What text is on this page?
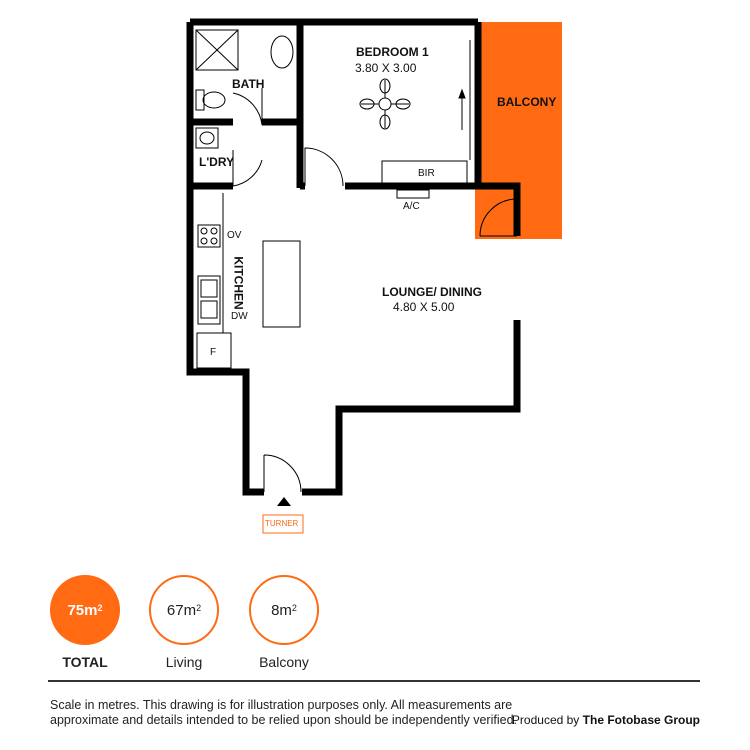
BEDROOM 1
3.80 X 3.00
BALCONY
BATH
L'DRY
KITCHEN	LOUNGE/ DINING
4.80 X 5.00
BIR
A/C
OV
DW
F
TURNER
$75m^2$
TOTAL
$67m^2$
Living
$8m^2$
Balcony
Scale in metres. This drawing is for illustration purposes only. All measurements are approximate and details intended to be relied upon should be independently verified.
Produced by The Fotobase Group
